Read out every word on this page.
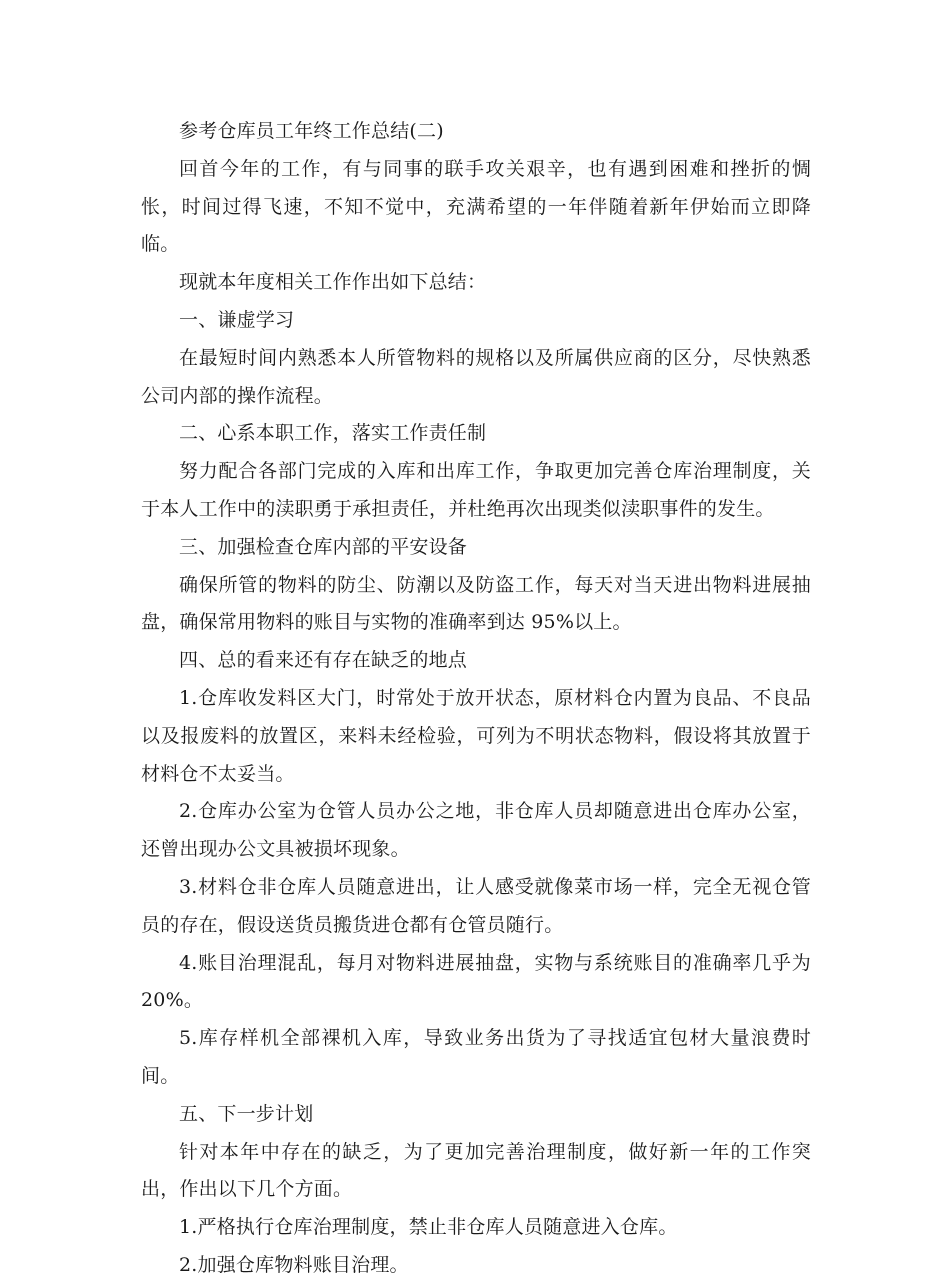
参考仓库员工年终工作总结(二)

回首今年的工作，有与同事的联手攻关艰辛，也有遇到困难和挫折的惆怅，时间过得飞速，不知不觉中，充满希望的一年伴随着新年伊始而立即降临。

现就本年度相关工作作出如下总结：

一、谦虚学习

在最短时间内熟悉本人所管物料的规格以及所属供应商的区分，尽快熟悉公司内部的操作流程。

二、心系本职工作，落实工作责任制

努力配合各部门完成的入库和出库工作，争取更加完善仓库治理制度，关于本人工作中的渎职勇于承担责任，并杜绝再次出现类似渎职事件的发生。

三、加强检查仓库内部的平安设备

确保所管的物料的防尘、防潮以及防盗工作，每天对当天进出物料进展抽盘，确保常用物料的账目与实物的准确率到达 95%以上。

四、总的看来还有存在缺乏的地点

1.仓库收发料区大门，时常处于放开状态，原材料仓内置为良品、不良品以及报废料的放置区，来料未经检验，可列为不明状态物料，假设将其放置于材料仓不太妥当。

2.仓库办公室为仓管人员办公之地，非仓库人员却随意进出仓库办公室，还曾出现办公文具被损坏现象。

3.材料仓非仓库人员随意进出，让人感受就像菜市场一样，完全无视仓管员的存在，假设送货员搬货进仓都有仓管员随行。

4.账目治理混乱，每月对物料进展抽盘，实物与系统账目的准确率几乎为20%。

5.库存样机全部裸机入库，导致业务出货为了寻找适宜包材大量浪费时间。

五、下一步计划

针对本年中存在的缺乏，为了更加完善治理制度，做好新一年的工作突出，作出以下几个方面。

1.严格执行仓库治理制度，禁止非仓库人员随意进入仓库。

2.加强仓库物料账目治理。
